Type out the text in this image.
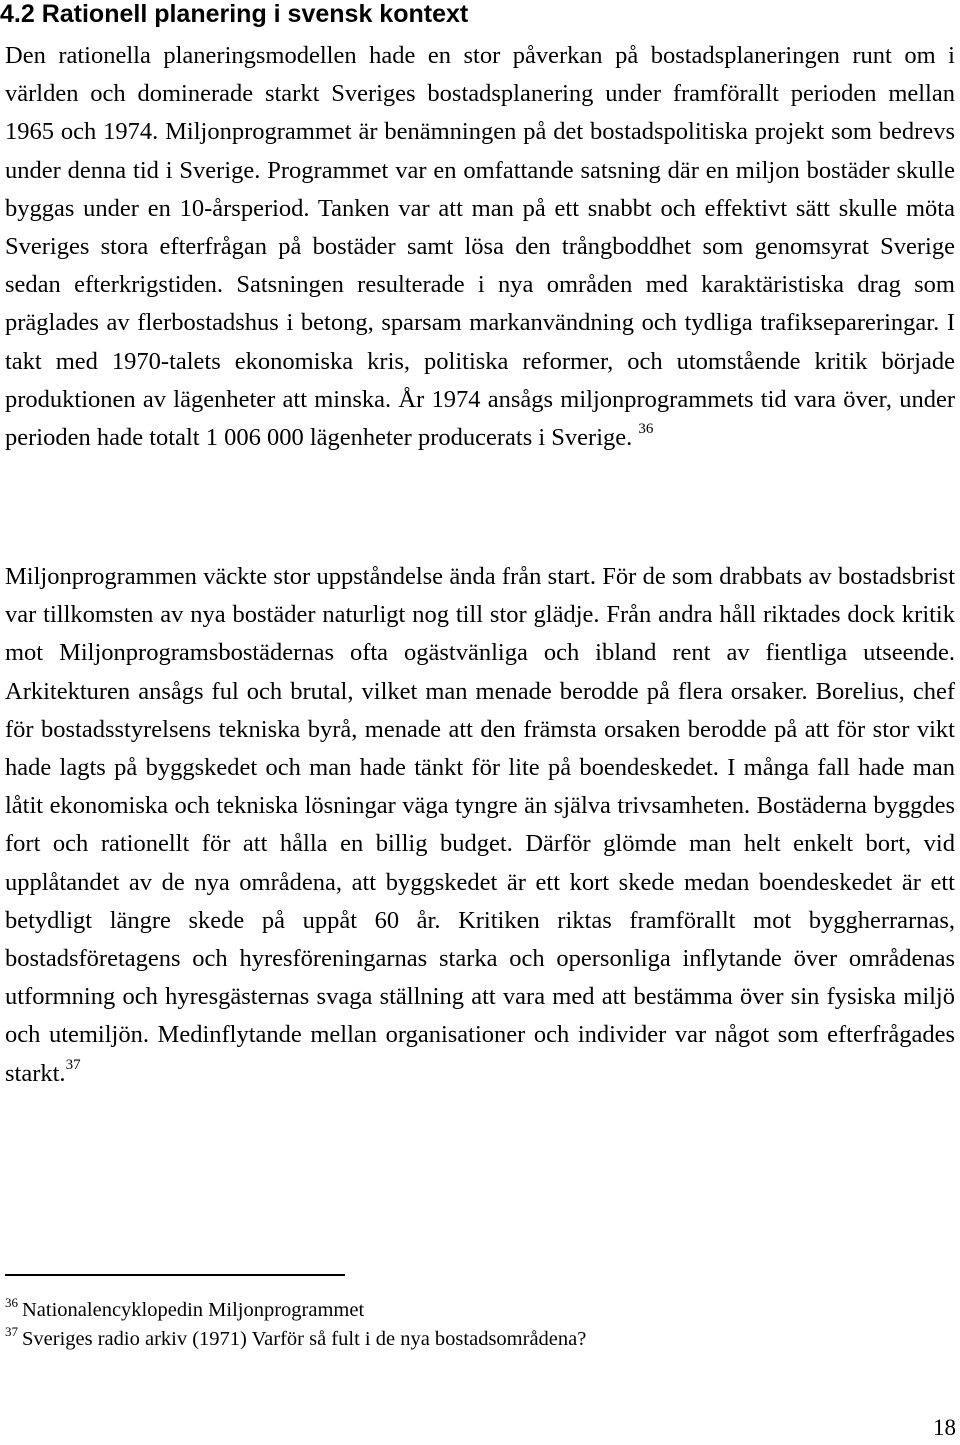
4.2 Rationell planering i svensk kontext

Den rationella planeringsmodellen hade en stor påverkan på bostadsplaneringen runt om i världen och dominerade starkt Sveriges bostadsplanering under framförallt perioden mellan 1965 och 1974. Miljonprogrammet är benämningen på det bostadspolitiska projekt som bedrevs under denna tid i Sverige. Programmet var en omfattande satsning där en miljon bostäder skulle byggas under en 10-årsperiod. Tanken var att man på ett snabbt och effektivt sätt skulle möta Sveriges stora efterfrågan på bostäder samt lösa den trångboddhet som genomsyrat Sverige sedan efterkrigstiden. Satsningen resulterade i nya områden med karaktäristiska drag som präglades av flerbostadshus i betong, sparsam markanvändning och tydliga trafiksepareringar. I takt med 1970-talets ekonomiska kris, politiska reformer, och utomstående kritik började produktionen av lägenheter att minska. År 1974 ansågs miljonprogrammets tid vara över, under perioden hade totalt 1 006 000 lägenheter producerats i Sverige. $^{36}$

Miljonprogrammen väckte stor uppståndelse ända från start. För de som drabbats av bostadsbrist var tillkomsten av nya bostäder naturligt nog till stor glädje. Från andra håll riktades dock kritik mot Miljonprogramsbostädernas ofta ogästvänliga och ibland rent av fientliga utseende. Arkitekturen ansågs ful och brutal, vilket man menade berodde på flera orsaker. Borelius, chef för bostadsstyrelsens tekniska byrå, menade att den främsta orsaken berodde på att för stor vikt hade lagts på byggskedet och man hade tänkt för lite på boendeskedet. I många fall hade man låtit ekonomiska och tekniska lösningar väga tyngre än själva trivsamheten. Bostäderna byggdes fort och rationellt för att hålla en billig budget. Därför glömde man helt enkelt bort, vid upplåtandet av de nya områdena, att byggskedet är ett kort skede medan boendeskedet är ett betydligt längre skede på uppåt 60 år. Kritiken riktas framförallt mot byggherrarnas, bostadsföretagens och hyresföreningarnas starka och opersonliga inflytande över områdenas utformning och hyresgästernas svaga ställning att vara med att bestämma över sin fysiska miljö och utemiljön. Medinflytande mellan organisationer och individer var något som efterfrågades starkt.$^{37}$

$^{36}$ Nationalencyklopedin Miljonprogrammet

$^{37}$ Sveriges radio arkiv (1971) Varför så fult i de nya bostadsområdena?

18
